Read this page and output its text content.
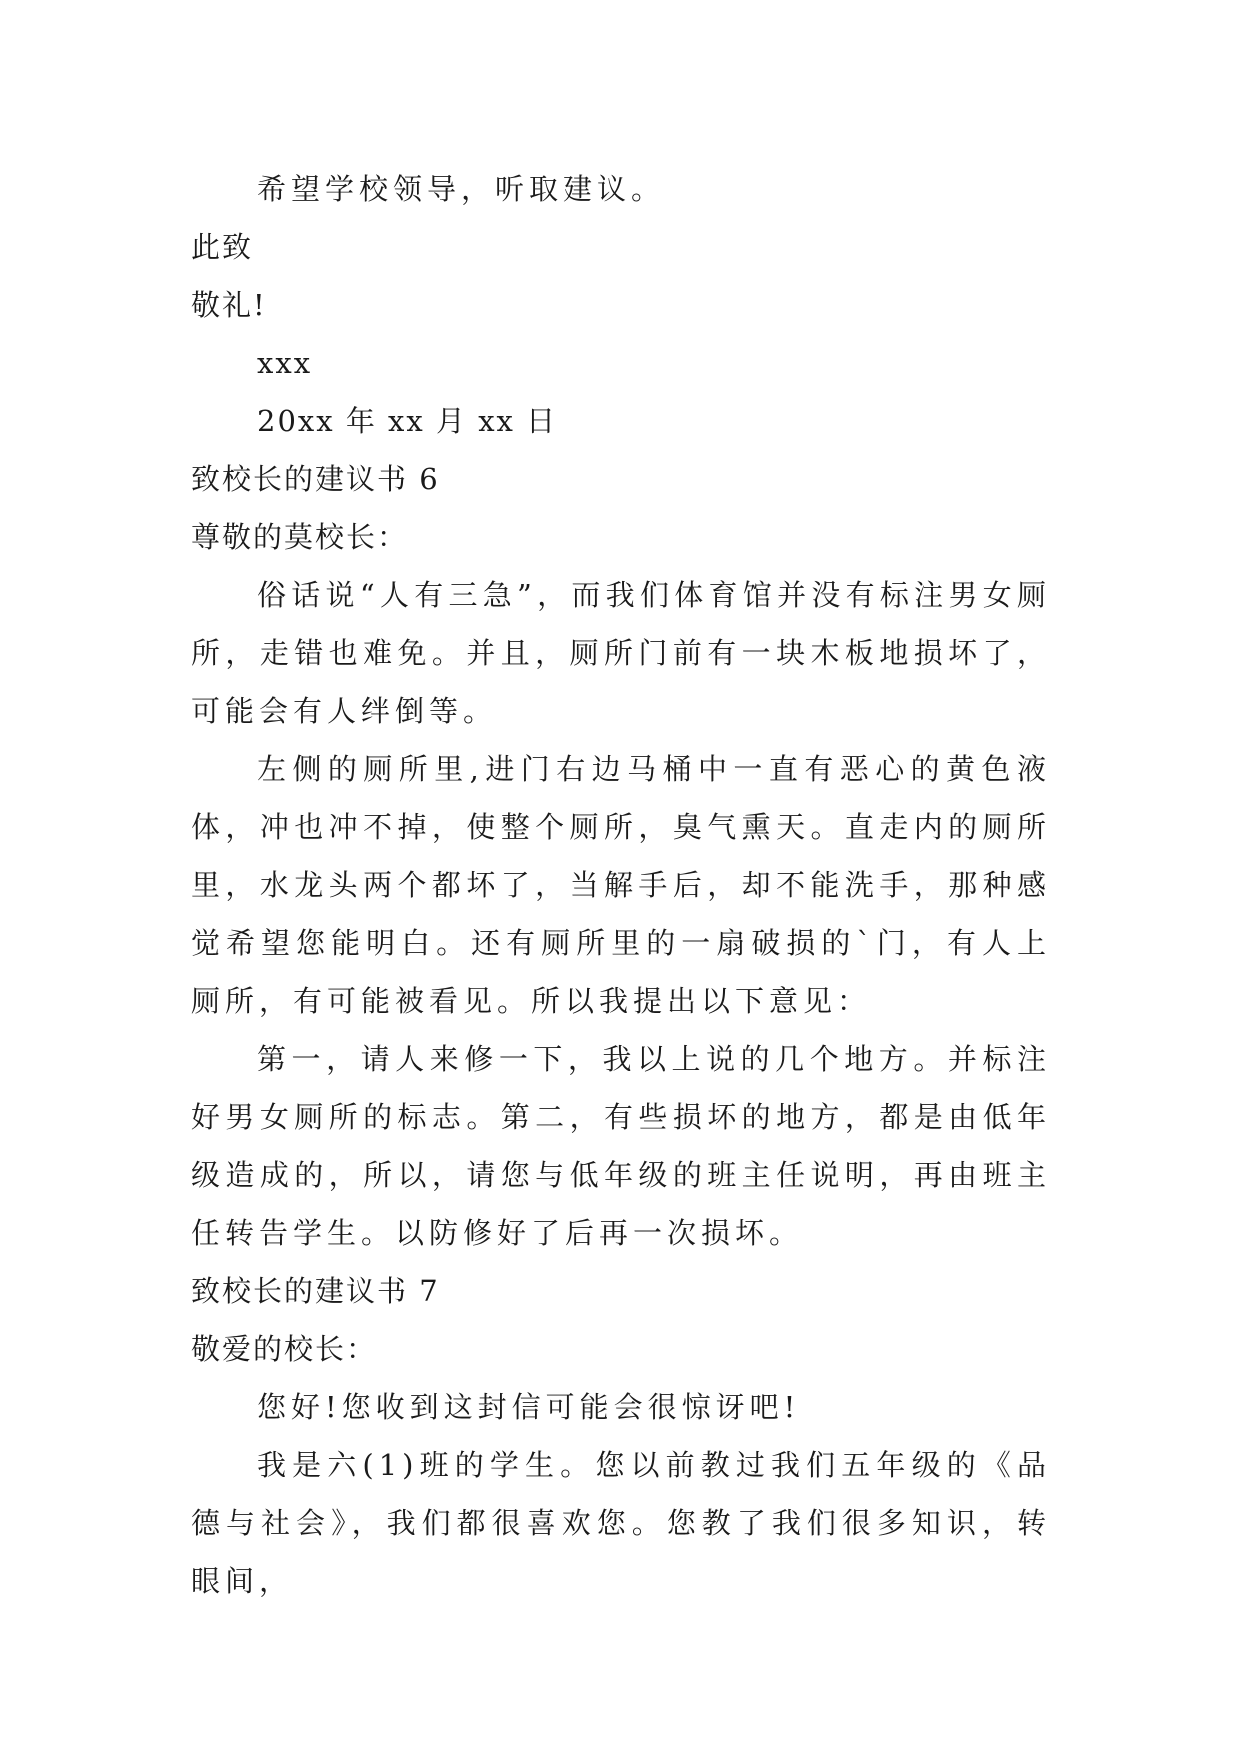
希望学校领导，听取建议。

此致
敬礼!
xxx
20xx 年 xx 月 xx 日
致校长的建议书 6
尊敬的莫校长：

俗话说“人有三急”，而我们体育馆并没有标注男女厕所，走错也难免。并且，厕所门前有一块木板地损坏了，可能会有人绊倒等。

左侧的厕所里,进门右边马桶中一直有恶心的黄色液体，冲也冲不掉，使整个厕所，臭气熏天。直走内的厕所里，水龙头两个都坏了，当解手后，却不能洗手，那种感觉希望您能明白。还有厕所里的一扇破损的`门，有人上厕所，有可能被看见。所以我提出以下意见：

第一，请人来修一下，我以上说的几个地方。并标注好男女厕所的标志。第二，有些损坏的地方，都是由低年级造成的，所以，请您与低年级的班主任说明，再由班主任转告学生。以防修好了后再一次损坏。

致校长的建议书 7
敬爱的校长：

您好!您收到这封信可能会很惊讶吧!

我是六(1)班的学生。您以前教过我们五年级的《品德与社会》，我们都很喜欢您。您教了我们很多知识，转眼间，
